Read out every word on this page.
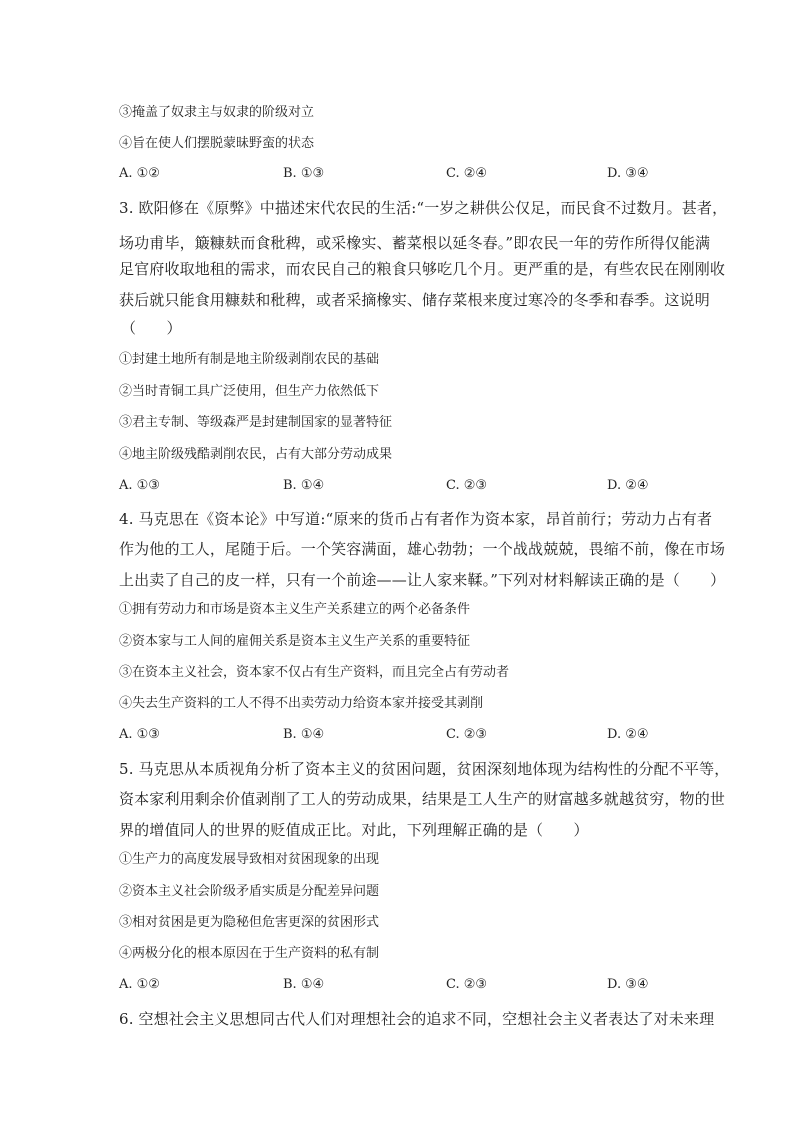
③掩盖了奴隶主与奴隶的阶级对立
④旨在使人们摆脱蒙昧野蛮的状态
A. ①②	B. ①③	C. ②④	D. ③④
3. 欧阳修在《原弊》中描述宋代农民的生活:“一岁之耕供公仅足，而民食不过数月。甚者，
场功甫毕，簸糠麸而食秕稗，或采橡实、蓄菜根以延冬春。”即农民一年的劳作所得仅能满
足官府收取地租的需求，而农民自己的粮食只够吃几个月。更严重的是，有些农民在刚刚收
获后就只能食用糠麸和秕稗，或者采摘橡实、储存菜根来度过寒冷的冬季和春季。这说明
（　　）
①封建土地所有制是地主阶级剥削农民的基础
②当时青铜工具广泛使用，但生产力依然低下
③君主专制、等级森严是封建制国家的显著特征
④地主阶级残酷剥削农民，占有大部分劳动成果
A. ①③	B. ①④	C. ②③	D. ②④
4. 马克思在《资本论》中写道:“原来的货币占有者作为资本家，昂首前行；劳动力占有者
作为他的工人，尾随于后。一个笑容满面，雄心勃勃；一个战战兢兢，畏缩不前，像在市场
上出卖了自己的皮一样，只有一个前途——让人家来鞣。”下列对材料解读正确的是（　　）
①拥有劳动力和市场是资本主义生产关系建立的两个必备条件
②资本家与工人间的雇佣关系是资本主义生产关系的重要特征
③在资本主义社会，资本家不仅占有生产资料，而且完全占有劳动者
④失去生产资料的工人不得不出卖劳动力给资本家并接受其剥削
A. ①③	B. ①④	C. ②③	D. ②④
5. 马克思从本质视角分析了资本主义的贫困问题，贫困深刻地体现为结构性的分配不平等，
资本家利用剩余价值剥削了工人的劳动成果，结果是工人生产的财富越多就越贫穷，物的世
界的增值同人的世界的贬值成正比。对此，下列理解正确的是（　　）
①生产力的高度发展导致相对贫困现象的出现
②资本主义社会阶级矛盾实质是分配差异问题
③相对贫困是更为隐秘但危害更深的贫困形式
④两极分化的根本原因在于生产资料的私有制
A. ①②	B. ①④	C. ②③	D. ③④
6. 空想社会主义思想同古代人们对理想社会的追求不同，空想社会主义者表达了对未来理
